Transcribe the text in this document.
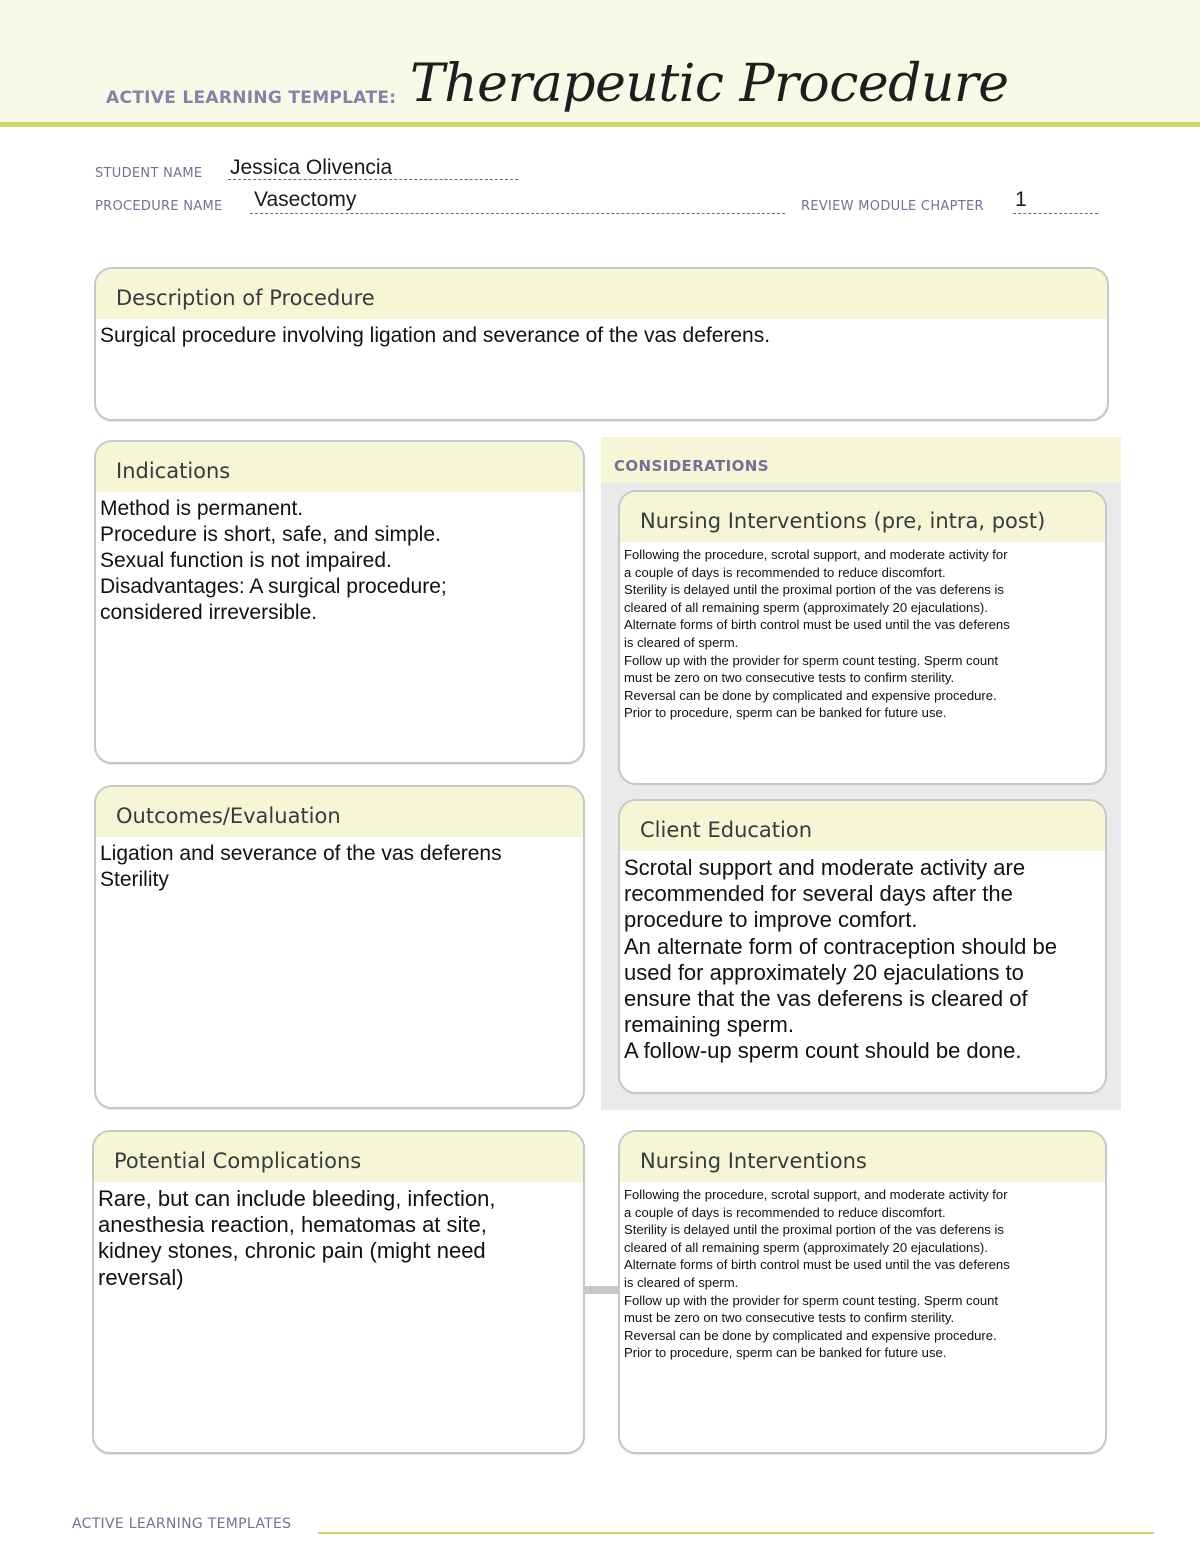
ACTIVE LEARNING TEMPLATE: Therapeutic Procedure
STUDENT NAME Jessica Olivencia
PROCEDURE NAME Vasectomy	REVIEW MODULE CHAPTER 1
Description of Procedure
Surgical procedure involving ligation and severance of the vas deferens.
Indications
Method is permanent.
Procedure is short, safe, and simple.
Sexual function is not impaired.
Disadvantages: A surgical procedure;
considered irreversible.
Outcomes/Evaluation
Ligation and severance of the vas deferens
Sterility
CONSIDERATIONS
Nursing Interventions (pre, intra, post)
Following the procedure, scrotal support, and moderate activity for
a couple of days is recommended to reduce discomfort.
Sterility is delayed until the proximal portion of the vas deferens is
cleared of all remaining sperm (approximately 20 ejaculations).
Alternate forms of birth control must be used until the vas deferens
is cleared of sperm.
Follow up with the provider for sperm count testing. Sperm count
must be zero on two consecutive tests to confirm sterility.
Reversal can be done by complicated and expensive procedure.
Prior to procedure, sperm can be banked for future use.
Client Education
Scrotal support and moderate activity are
recommended for several days after the
procedure to improve comfort.
An alternate form of contraception should be
used for approximately 20 ejaculations to
ensure that the vas deferens is cleared of
remaining sperm.
A follow-up sperm count should be done.
Potential Complications
Rare, but can include bleeding, infection,
anesthesia reaction, hematomas at site,
kidney stones, chronic pain (might need
reversal)
Nursing Interventions
Following the procedure, scrotal support, and moderate activity for
a couple of days is recommended to reduce discomfort.
Sterility is delayed until the proximal portion of the vas deferens is
cleared of all remaining sperm (approximately 20 ejaculations).
Alternate forms of birth control must be used until the vas deferens
is cleared of sperm.
Follow up with the provider for sperm count testing. Sperm count
must be zero on two consecutive tests to confirm sterility.
Reversal can be done by complicated and expensive procedure.
Prior to procedure, sperm can be banked for future use.
ACTIVE LEARNING TEMPLATES
